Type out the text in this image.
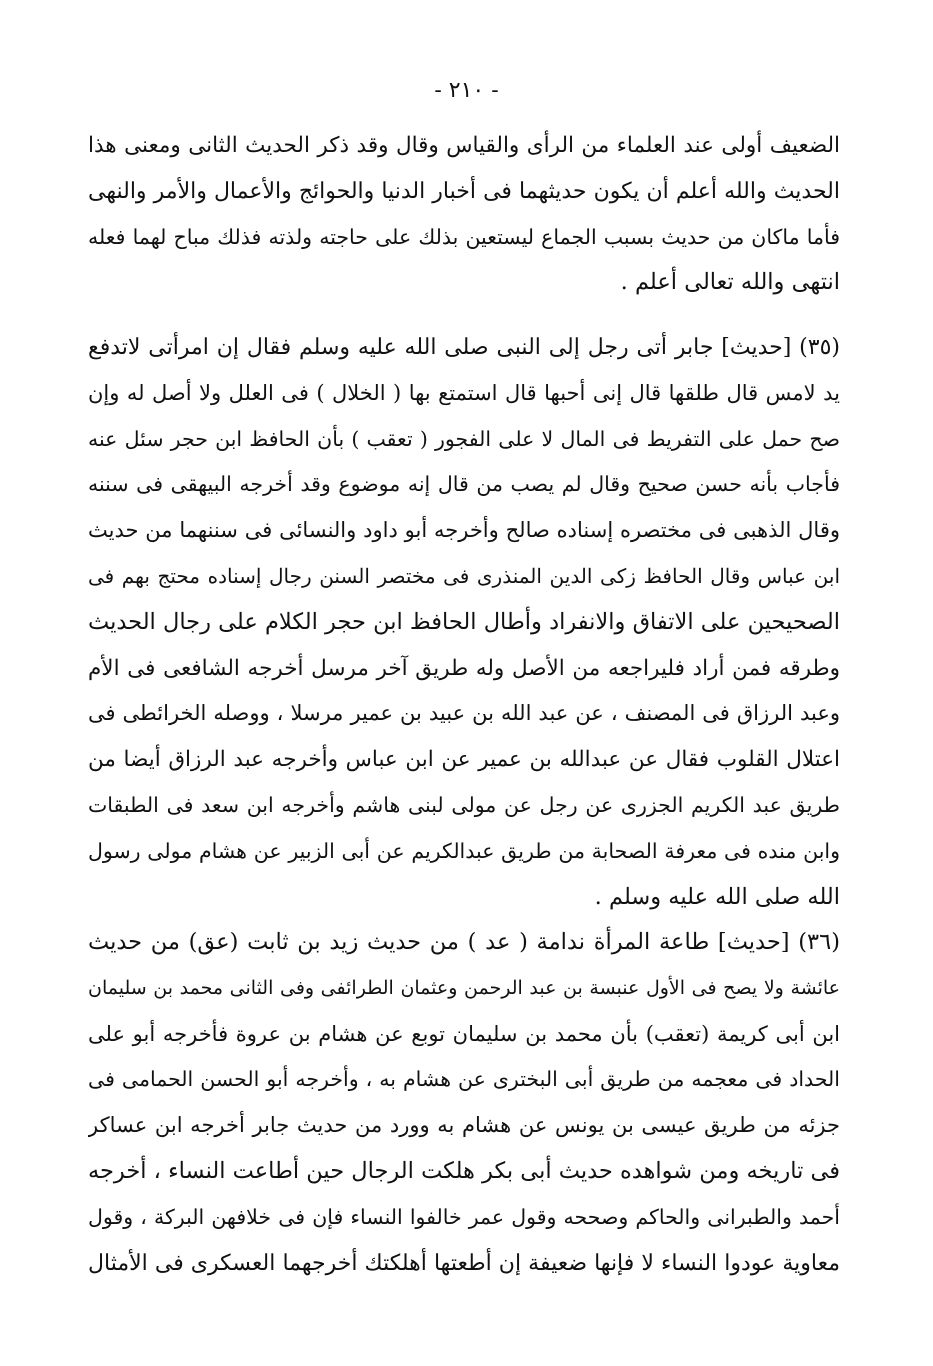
- ٢١٠ -
الضعيف أولى عند العلماء من الرأى والقياس وقال وقد ذكر الحديث الثانى ومعنى هذا
الحديث والله أعلم أن يكون حديثهما فى أخبار الدنيا والحوائج والأعمال والأمر والنهى
فأما ماكان من حديث بسبب الجماع ليستعين بذلك على حاجته ولذته فذلك مباح لهما فعله
انتهى والله تعالى أعلم .
(٣٥) [حديث] جابر أتى رجل إلى النبى صلى الله عليه وسلم فقال إن امرأتى لاتدفع
يد لامس قال طلقها قال إنى أحبها قال استمتع بها ( الخلال ) فى العلل ولا أصل له وإن
صح حمل على التفريط فى المال لا على الفجور ( تعقب ) بأن الحافظ ابن حجر سئل عنه
فأجاب بأنه حسن صحيح وقال لم يصب من قال إنه موضوع وقد أخرجه البيهقى فى سننه
وقال الذهبى فى مختصره إسناده صالح وأخرجه أبو داود والنسائى فى سننهما من حديث
ابن عباس وقال الحافظ زكى الدين المنذرى فى مختصر السنن رجال إسناده محتج بهم فى
الصحيحين على الاتفاق والانفراد وأطال الحافظ ابن حجر الكلام على رجال الحديث
وطرقه فمن أراد فليراجعه من الأصل وله طريق آخر مرسل أخرجه الشافعى فى الأم
وعبد الرزاق فى المصنف ، عن عبد الله بن عبيد بن عمير مرسلا ، ووصله الخرائطى فى
اعتلال القلوب فقال عن عبدالله بن عمير عن ابن عباس وأخرجه عبد الرزاق أيضا من
طريق عبد الكريم الجزرى عن رجل عن مولى لبنى هاشم وأخرجه ابن سعد فى الطبقات
وابن منده فى معرفة الصحابة من طريق عبدالكريم عن أبى الزبير عن هشام مولى رسول
الله صلى الله عليه وسلم .
(٣٦) [حديث] طاعة المرأة ندامة ( عد ) من حديث زيد بن ثابت (عق) من حديث
عائشة ولا يصح فى الأول عنبسة بن عبد الرحمن وعثمان الطرائفى وفى الثانى محمد بن سليمان
ابن أبى كريمة (تعقب) بأن محمد بن سليمان توبع عن هشام بن عروة فأخرجه أبو على
الحداد فى معجمه من طريق أبى البخترى عن هشام به ، وأخرجه أبو الحسن الحمامى فى
جزئه من طريق عيسى بن يونس عن هشام به وورد من حديث جابر أخرجه ابن عساكر
فى تاريخه ومن شواهده حديث أبى بكر هلكت الرجال حين أطاعت النساء ، أخرجه
أحمد والطبرانى والحاكم وصححه وقول عمر خالفوا النساء فإن فى خلافهن البركة ، وقول
معاوية عودوا النساء لا فإنها ضعيفة إن أطعتها أهلكتك أخرجهما العسكرى فى الأمثال
